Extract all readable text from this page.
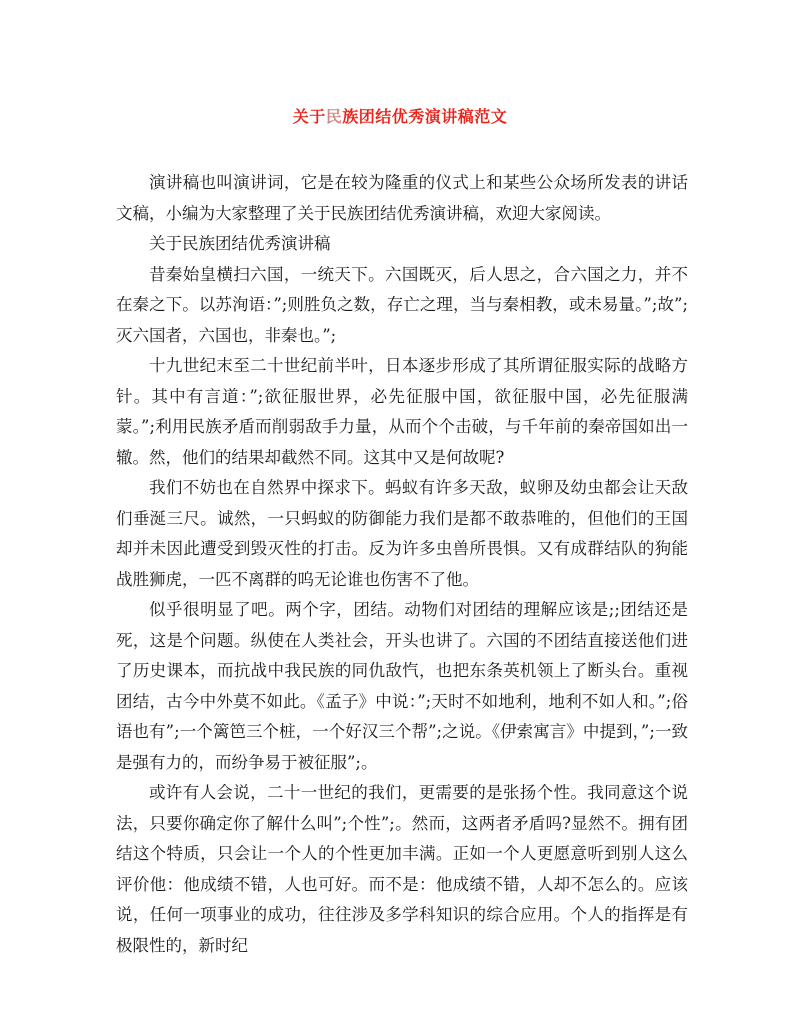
关于民族团结优秀演讲稿范文

演讲稿也叫演讲词，它是在较为隆重的仪式上和某些公众场所发表的讲话文稿，小编为大家整理了关于民族团结优秀演讲稿，欢迎大家阅读。

关于民族团结优秀演讲稿

昔秦始皇横扫六国，一统天下。六国既灭，后人思之，合六国之力，并不在秦之下。以苏洵语：”;则胜负之数，存亡之理，当与秦相教，或未易量。”;故”;灭六国者，六国也，非秦也。”;

十九世纪末至二十世纪前半叶，日本逐步形成了其所谓征服实际的战略方针。其中有言道：”;欲征服世界，必先征服中国，欲征服中国，必先征服满蒙。”;利用民族矛盾而削弱敌手力量，从而个个击破，与千年前的秦帝国如出一辙。然，他们的结果却截然不同。这其中又是何故呢?

我们不妨也在自然界中探求下。蚂蚁有许多天敌，蚁卵及幼虫都会让天敌们垂涎三尺。诚然，一只蚂蚁的防御能力我们是都不敢恭唯的，但他们的王国却并未因此遭受到毁灭性的打击。反为许多虫兽所畏惧。又有成群结队的狗能战胜狮虎，一匹不离群的呜无论谁也伤害不了他。

似乎很明显了吧。两个字，团结。动物们对团结的理解应该是;;团结还是死，这是个问题。纵使在人类社会，开头也讲了。六国的不团结直接送他们进了历史课本，而抗战中我民族的同仇敌忾，也把东条英机领上了断头台。重视团结，古今中外莫不如此。《孟子》中说：”;天时不如地利，地利不如人和。”;俗语也有”;一个篱笆三个桩，一个好汉三个帮”;之说。《伊索寓言》中提到，”;一致是强有力的，而纷争易于被征服”;。

或许有人会说，二十一世纪的我们，更需要的是张扬个性。我同意这个说法，只要你确定你了解什么叫”;个性”;。然而，这两者矛盾吗?显然不。拥有团结这个特质，只会让一个人的个性更加丰满。正如一个人更愿意听到别人这么评价他：他成绩不错，人也可好。而不是：他成绩不错，人却不怎么的。应该说，任何一项事业的成功，往往涉及多学科知识的综合应用。个人的指挥是有极限性的，新时纪
